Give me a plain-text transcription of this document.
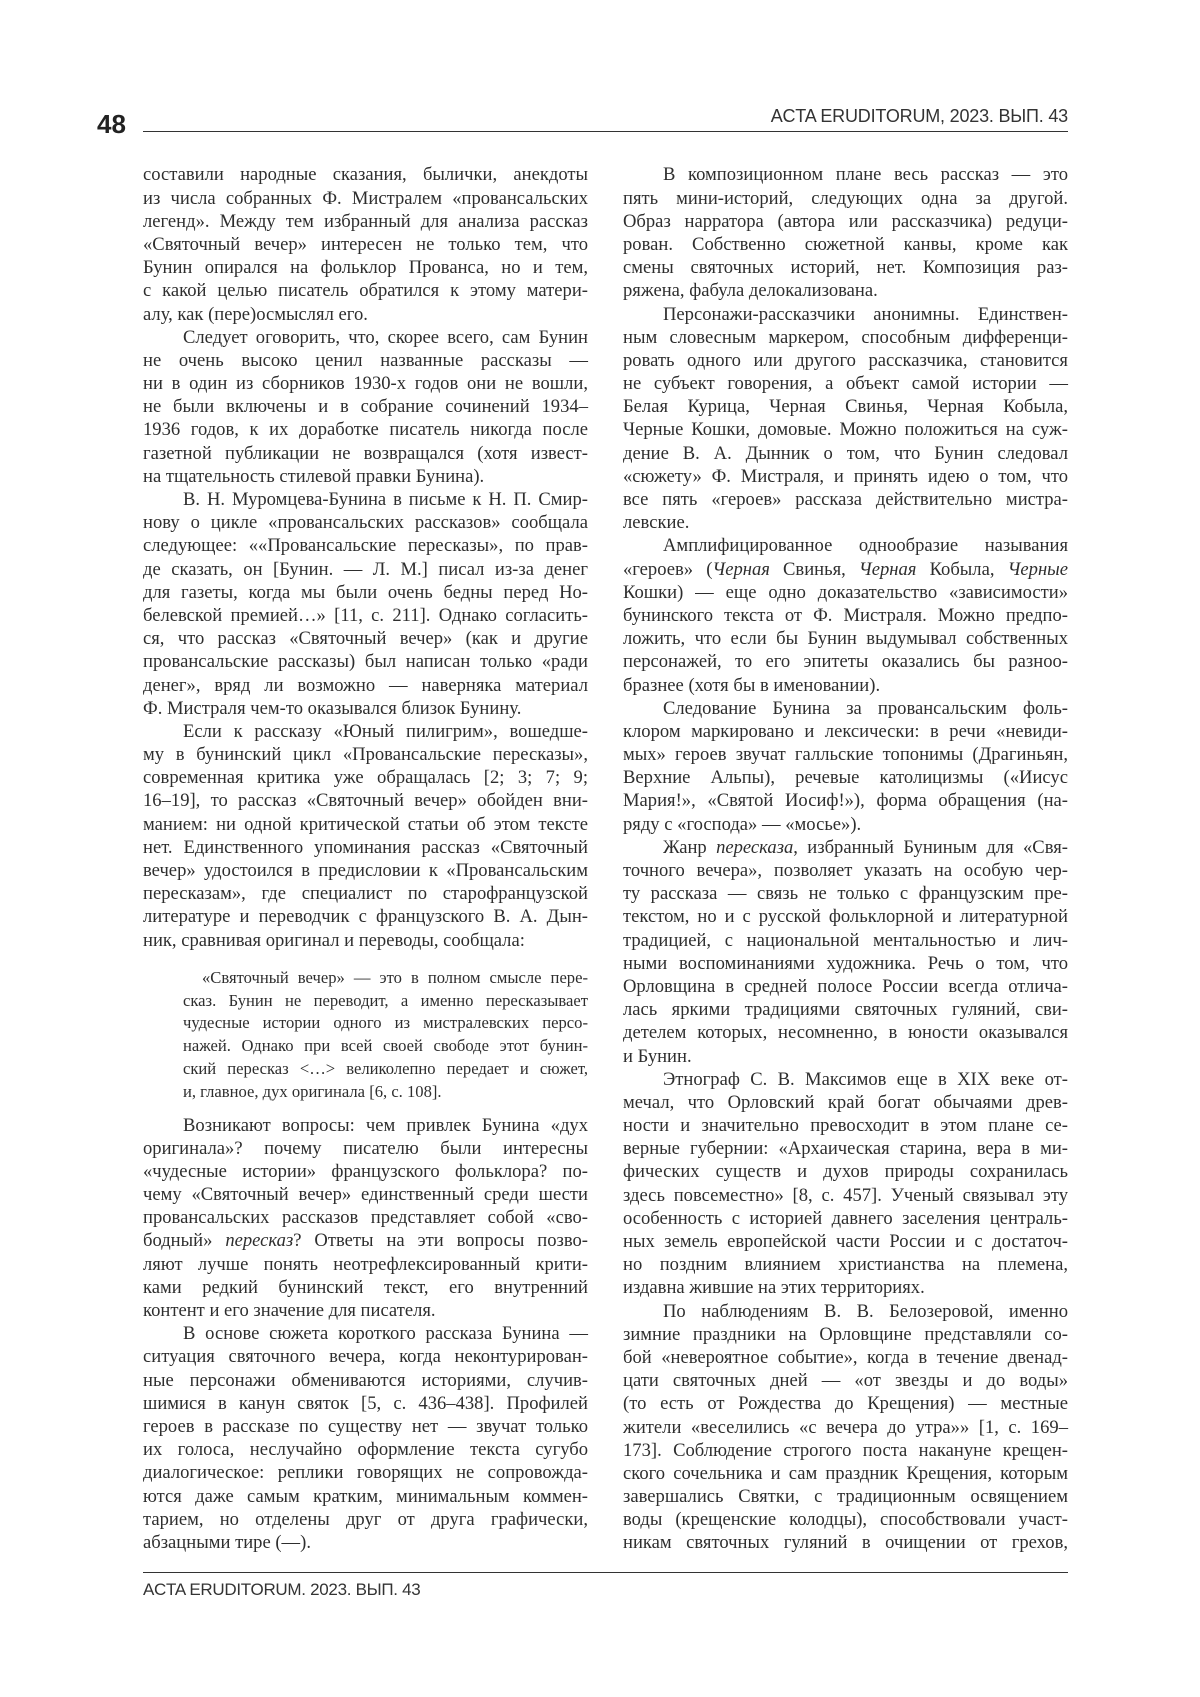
48	ACTA ERUDITORUM, 2023. ВЫП. 43
составили народные сказания, былички, анекдоты
из числа собранных Ф. Мистралем «провансальских
легенд». Между тем избранный для анализа рассказ
«Святочный вечер» интересен не только тем, что
Бунин опирался на фольклор Прованса, но и тем,
с какой целью писатель обратился к этому матери-
алу, как (пере)осмыслял его.
Следует оговорить, что, скорее всего, сам Бунин
не очень высоко ценил названные рассказы —
ни в один из сборников 1930-х годов они не вошли,
не были включены и в собрание сочинений 1934–
1936 годов, к их доработке писатель никогда после
газетной публикации не возвращался (хотя извест-
на тщательность стилевой правки Бунина).
В. Н. Муромцева-Бунина в письме к Н. П. Смир-
нову о цикле «провансальских рассказов» сообщала
следующее: ««Провансальские пересказы», по прав-
де сказать, он [Бунин. — Л. М.] писал из-за денег
для газеты, когда мы были очень бедны перед Но-
белевской премией…» [11, с. 211]. Однако согласить-
ся, что рассказ «Святочный вечер» (как и другие
провансальские рассказы) был написан только «ради
денег», вряд ли возможно — наверняка материал
Ф. Мистраля чем-то оказывался близок Бунину.
Если к рассказу «Юный пилигрим», вошедше-
му в бунинский цикл «Провансальские пересказы»,
современная критика уже обращалась [2; 3; 7; 9;
16–19], то рассказ «Святочный вечер» обойден вни-
манием: ни одной критической статьи об этом тексте
нет. Единственного упоминания рассказ «Святочный
вечер» удостоился в предисловии к «Провансальским
пересказам», где специалист по старофранцузской
литературе и переводчик с французского В. А. Дын-
ник, сравнивая оригинал и переводы, сообщала:
«Святочный вечер» — это в полном смысле пере-
сказ. Бунин не переводит, а именно пересказывает
чудесные истории одного из мистралевских персо-
нажей. Однако при всей своей свободе этот бунин-
ский пересказ <…> великолепно передает и сюжет,
и, главное, дух оригинала [6, с. 108].
Возникают вопросы: чем привлек Бунина «дух
оригинала»? почему писателю были интересны
«чудесные истории» французского фольклора? по-
чему «Святочный вечер» единственный среди шести
провансальских рассказов представляет собой «сво-
бодный» пересказ? Ответы на эти вопросы позво-
ляют лучше понять неотрефлексированный крити-
ками редкий бунинский текст, его внутренний
контент и его значение для писателя.
В основе сюжета короткого рассказа Бунина —
ситуация святочного вечера, когда неконтурирован-
ные персонажи обмениваются историями, случив-
шимися в канун святок [5, с. 436–438]. Профилей
героев в рассказе по существу нет — звучат только
их голоса, неслучайно оформление текста сугубо
диалогическое: реплики говорящих не сопровожда-
ются даже самым кратким, минимальным коммен-
тарием, но отделены друг от друга графически,
абзацными тире (—).
В композиционном плане весь рассказ — это
пять мини-историй, следующих одна за другой.
Образ нарратора (автора или рассказчика) редуци-
рован. Собственно сюжетной канвы, кроме как
смены святочных историй, нет. Композиция раз-
ряжена, фабула делокализована.
Персонажи-рассказчики анонимны. Единствен-
ным словесным маркером, способным дифференци-
ровать одного или другого рассказчика, становится
не субъект говорения, а объект самой истории —
Белая Курица, Черная Свинья, Черная Кобыла,
Черные Кошки, домовые. Можно положиться на суж-
дение В. А. Дынник о том, что Бунин следовал
«сюжету» Ф. Мистраля, и принять идею о том, что
все пять «героев» рассказа действительно мистра-
левские.
Амплифицированное однообразие называния
«героев» (Черная Свинья, Черная Кобыла, Черные
Кошки) — еще одно доказательство «зависимости»
бунинского текста от Ф. Мистраля. Можно предпо-
ложить, что если бы Бунин выдумывал собственных
персонажей, то его эпитеты оказались бы разноо-
бразнее (хотя бы в именовании).
Следование Бунина за провансальским фоль-
клором маркировано и лексически: в речи «невиди-
мых» героев звучат галльские топонимы (Драгиньян,
Верхние Альпы), речевые католицизмы («Иисус
Мария!», «Святой Иосиф!»), форма обращения (на-
ряду с «господа» — «мосье»).
Жанр пересказа, избранный Буниным для «Свя-
точного вечера», позволяет указать на особую чер-
ту рассказа — связь не только с французским пре-
текстом, но и с русской фольклорной и литературной
традицией, с национальной ментальностью и лич-
ными воспоминаниями художника. Речь о том, что
Орловщина в средней полосе России всегда отлича-
лась яркими традициями святочных гуляний, сви-
детелем которых, несомненно, в юности оказывался
и Бунин.
Этнограф С. В. Максимов еще в XIX веке от-
мечал, что Орловский край богат обычаями древ-
ности и значительно превосходит в этом плане се-
верные губернии: «Архаическая старина, вера в ми-
фических существ и духов природы сохранилась
здесь повсеместно» [8, с. 457]. Ученый связывал эту
особенность с историей давнего заселения централь-
ных земель европейской части России и с достаточ-
но поздним влиянием христианства на племена,
издавна жившие на этих территориях.
По наблюдениям В. В. Белозеровой, именно
зимние праздники на Орловщине представляли со-
бой «невероятное событие», когда в течение двенад-
цати святочных дней — «от звезды и до воды»
(то есть от Рождества до Крещения) — местные
жители «веселились «с вечера до утра»» [1, с. 169–
173]. Соблюдение строгого поста накануне крещен-
ского сочельника и сам праздник Крещения, которым
завершались Святки, с традиционным освящением
воды (крещенские колодцы), способствовали участ-
никам святочных гуляний в очищении от грехов,
ACTA ERUDITORUM. 2023. ВЫП. 43
